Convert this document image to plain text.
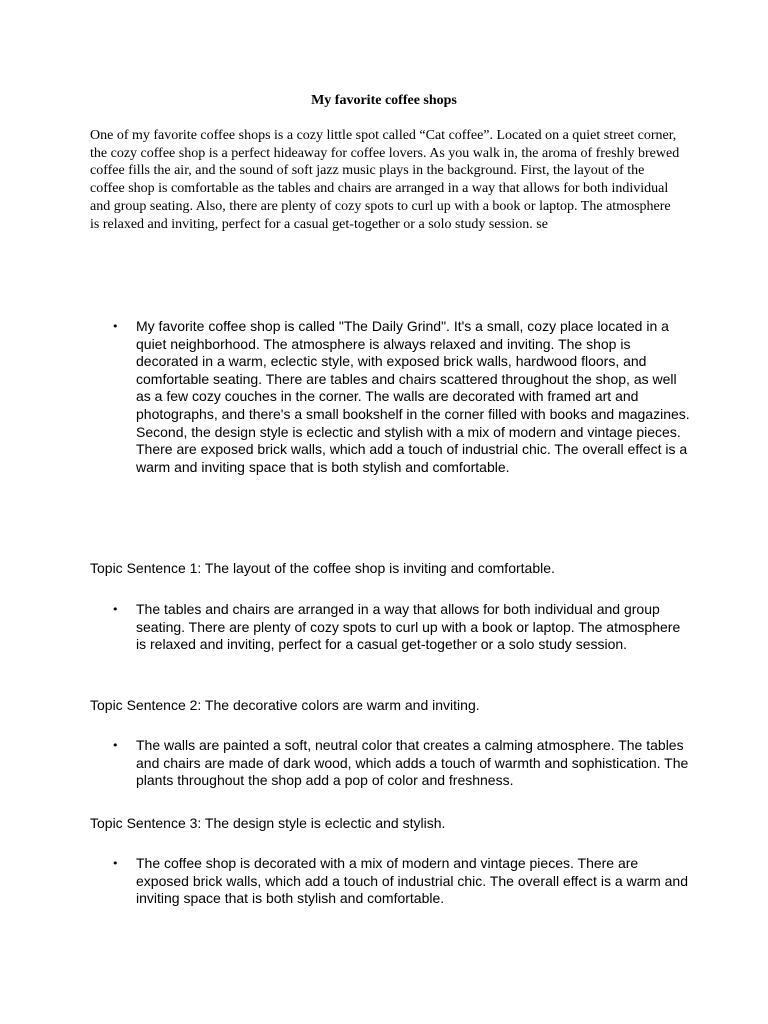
My favorite coffee shops

One of my favorite coffee shops is a cozy little spot called “Cat coffee”. Located on a quiet street corner, the cozy coffee shop is a perfect hideaway for coffee lovers. As you walk in, the aroma of freshly brewed coffee fills the air, and the sound of soft jazz music plays in the background. First, the layout of the coffee shop is comfortable as the tables and chairs are arranged in a way that allows for both individual and group seating. Also, there are plenty of cozy spots to curl up with a book or laptop. The atmosphere is relaxed and inviting, perfect for a casual get-together or a solo study session. se

•	My favorite coffee shop is called "The Daily Grind". It's a small, cozy place located in a quiet neighborhood. The atmosphere is always relaxed and inviting. The shop is decorated in a warm, eclectic style, with exposed brick walls, hardwood floors, and comfortable seating. There are tables and chairs scattered throughout the shop, as well as a few cozy couches in the corner. The walls are decorated with framed art and photographs, and there's a small bookshelf in the corner filled with books and magazines. Second, the design style is eclectic and stylish with a mix of modern and vintage pieces. There are exposed brick walls, which add a touch of industrial chic. The overall effect is a warm and inviting space that is both stylish and comfortable.

Topic Sentence 1: The layout of the coffee shop is inviting and comfortable.

•	The tables and chairs are arranged in a way that allows for both individual and group seating. There are plenty of cozy spots to curl up with a book or laptop. The atmosphere is relaxed and inviting, perfect for a casual get-together or a solo study session.

Topic Sentence 2: The decorative colors are warm and inviting.

•	The walls are painted a soft, neutral color that creates a calming atmosphere. The tables and chairs are made of dark wood, which adds a touch of warmth and sophistication. The plants throughout the shop add a pop of color and freshness.

Topic Sentence 3: The design style is eclectic and stylish.

•	The coffee shop is decorated with a mix of modern and vintage pieces. There are exposed brick walls, which add a touch of industrial chic. The overall effect is a warm and inviting space that is both stylish and comfortable.
